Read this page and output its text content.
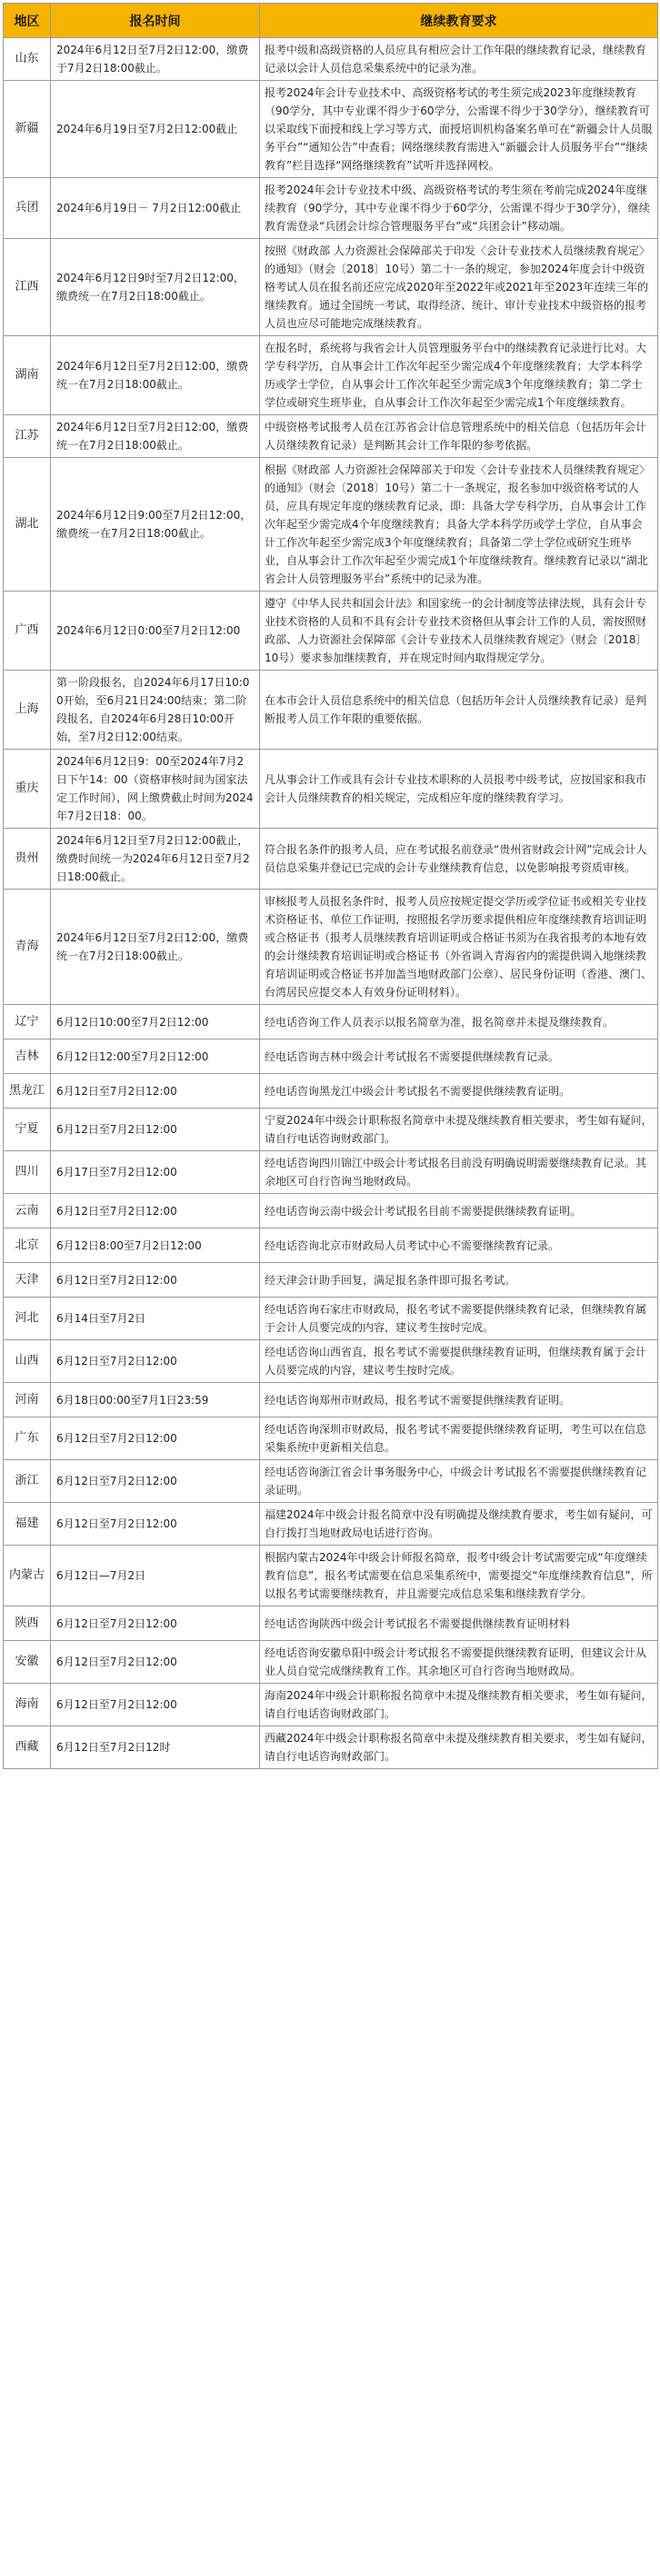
地区	报名时间	继续教育要求
山东	2024年6月12日至7月2日12:00，缴费于7月2日18:00截止。	报考中级和高级资格的人员应具有相应会计工作年限的继续教育记录，继续教育记录以会计人员信息采集系统中的记录为准。
新疆	2024年6月19日至7月2日12:00截止	报考2024年会计专业技术中、高级资格考试的考生须完成2023年度继续教育（90学分，其中专业课不得少于60学分，公需课不得少于30学分），继续教育可以采取线下面授和线上学习等方式，面授培训机构备案名单可在“新疆会计人员服务平台”“通知公告”中查看；网络继续教育需进入“新疆会计人员服务平台”“继续教育”栏目选择“网络继续教育”试听并选择网校。
兵团	2024年6月19日－ 7月2日12:00截止	报考2024年会计专业技术中级、高级资格考试的考生须在考前完成2024年度继续教育（90学分，其中专业课不得少于60学分，公需课不得少于30学分），继续教育需登录“兵团会计综合管理服务平台”或“兵团会计”移动端。
江西	2024年6月12日9时至7月2日12:00，缴费统一在7月2日18:00截止。	按照《财政部 人力资源社会保障部关于印发〈会计专业技术人员继续教育规定〉的通知》（财会〔2018〕10号）第二十一条的规定，参加2024年度会计中级资格考试人员在报名前还应完成2020年至2022年或2021年至2023年连续三年的继续教育。通过全国统一考试，取得经济、统计、审计专业技术中级资格的报考人员也应尽可能地完成继续教育。
湖南	2024年6月12日至7月2日12:00，缴费统一在7月2日18:00截止。	在报名时，系统将与我省会计人员管理服务平台中的继续教育记录进行比对。大学专科学历，自从事会计工作次年起至少需完成4个年度继续教育；大学本科学历或学士学位，自从事会计工作次年起至少需完成3个年度继续教育；第二学士学位或研究生班毕业，自从事会计工作次年起至少需完成1个年度继续教育。
江苏	2024年6月12日至7月2日12:00，缴费统一在7月2日18:00截止。	中级资格考试报考人员在江苏省会计信息管理系统中的相关信息（包括历年会计人员继续教育记录）是判断其会计工作年限的参考依据。
湖北	2024年6月12日9:00至7月2日12:00，缴费统一在7月2日18:00截止。	根据《财政部 人力资源社会保障部关于印发〈会计专业技术人员继续教育规定〉的通知》（财会〔2018〕10号）第二十一条规定，报名参加中级资格考试的人员，应具有规定年度的继续教育记录，即：具备大学专科学历，自从事会计工作次年起至少需完成4个年度继续教育；具备大学本科学历或学士学位，自从事会计工作次年起至少需完成3个年度继续教育；具备第二学士学位或研究生班毕业，自从事会计工作次年起至少需完成1个年度继续教育。继续教育记录以“湖北省会计人员管理服务平台”系统中的记录为准。
广西	2024年6月12日0:00至7月2日12:00	遵守《中华人民共和国会计法》和国家统一的会计制度等法律法规，具有会计专业技术资格的人员和不具有会计专业技术资格但从事会计工作的人员，需按照财政部、人力资源社会保障部《会计专业技术人员继续教育规定》（财会〔2018〕10号）要求参加继续教育，并在规定时间内取得规定学分。
上海	第一阶段报名，自2024年6月17日10:00开始，至6月21日24:00结束；第二阶段报名，自2024年6月28日10:00开始，至7月2日12:00结束。	在本市会计人员信息系统中的相关信息（包括历年会计人员继续教育记录）是判断报考人员工作年限的重要依据。
重庆	2024年6月12日9：00至2024年7月2日下午14：00（资格审核时间为国家法定工作时间），网上缴费截止时间为2024年7月2日18：00。	凡从事会计工作或具有会计专业技术职称的人员报考中级考试，应按国家和我市会计人员继续教育的相关规定，完成相应年度的继续教育学习。
贵州	2024年6月12日至7月2日12:00截止，缴费时间统一为2024年6月12日至7月2日18:00截止。	符合报名条件的报考人员，应在考试报名前登录“贵州省财政会计网”完成会计人员信息采集并登记已完成的会计专业继续教育信息，以免影响报考资质审核。
青海	2024年6月12日至7月2日12:00，缴费统一在7月2日18:00截止。	审核报考人员报名条件时，报考人员应按规定提交学历或学位证书或相关专业技术资格证书、单位工作证明，按照报名学历要求提供相应年度继续教育培训证明或合格证书（报考人员继续教育培训证明或合格证书须为在我省报考的本地有效的会计继续教育培训证明或合格证书（外省调入青海省内的需提供调入地继续教育培训证明或合格证书并加盖当地财政部门公章）、居民身份证明（香港、澳门、台湾居民应提交本人有效身份证明材料）。
辽宁	6月12日10:00至7月2日12:00	经电话咨询工作人员表示以报名简章为准，报名简章并未提及继续教育。
吉林	6月12日12:00至7月2日12:00	经电话咨询吉林中级会计考试报名不需要提供继续教育记录。
黑龙江	6月12日至7月2日12:00	经电话咨询黑龙江中级会计考试报名不需要提供继续教育证明。
宁夏	6月12日至7月2日12:00	宁夏2024年中级会计职称报名简章中未提及继续教育相关要求，考生如有疑问，请自行电话咨询财政部门。
四川	6月17日至7月2日12:00	经电话咨询四川锦江中级会计考试报名目前没有明确说明需要继续教育记录。其余地区可自行咨询当地财政局。
云南	6月12日至7月2日12:00	经电话咨询云南中级会计考试报名目前不需要提供继续教育证明。
北京	6月12日8:00至7月2日12:00	经电话咨询北京市财政局人员考试中心不需要继续教育记录。
天津	6月12日至7月2日12:00	经天津会计助手回复，满足报名条件即可报名考试。
河北	6月14日至7月2日	经电话咨询石家庄市财政局，报名考试不需要提供继续教育记录，但继续教育属于会计人员要完成的内容，建议考生按时完成。
山西	6月12日至7月2日12:00	经电话咨询山西省直，报名考试不需要提供继续教育证明，但继续教育属于会计人员要完成的内容，建议考生按时完成。
河南	6月18日00:00至7月1日23:59	经电话咨询郑州市财政局，报名考试不需要提供继续教育证明。
广东	6月12日至7月2日12:00	经电话咨询深圳市财政局，报名考试不需要提供继续教育证明，考生可以在信息采集系统中更新相关信息。
浙江	6月12日至7月2日12:00	经电话咨询浙江省会计事务服务中心，中级会计考试报名不需要提供继续教育记录证明。
福建	6月12日至7月2日12:00	福建2024年中级会计报名简章中没有明确提及继续教育要求，考生如有疑问，可自行拨打当地财政局电话进行咨询。
内蒙古	6月12日—7月2日	根据内蒙古2024年中级会计师报名简章，报考中级会计考试需要完成“年度继续教育信息”，报名考试需要在信息采集系统中，需要提交“年度继续教育信息”，所以报名考试需要继续教育，并且需要完成信息采集和继续教育学分。
陕西	6月12日至7月2日12:00	经电话咨询陕西中级会计考试报名不需要提供继续教育证明材料
安徽	6月12日至7月2日12:00	经电话咨询安徽阜阳中级会计考试报名不需要提供继续教育证明，但建议会计从业人员自觉完成继续教育工作。其余地区可自行咨询当地财政局。
海南	6月12日至7月2日12:00	海南2024年中级会计职称报名简章中未提及继续教育相关要求，考生如有疑问，请自行电话咨询财政部门。
西藏	6月12日至7月2日12时	西藏2024年中级会计职称报名简章中未提及继续教育相关要求，考生如有疑问，请自行电话咨询财政部门。
